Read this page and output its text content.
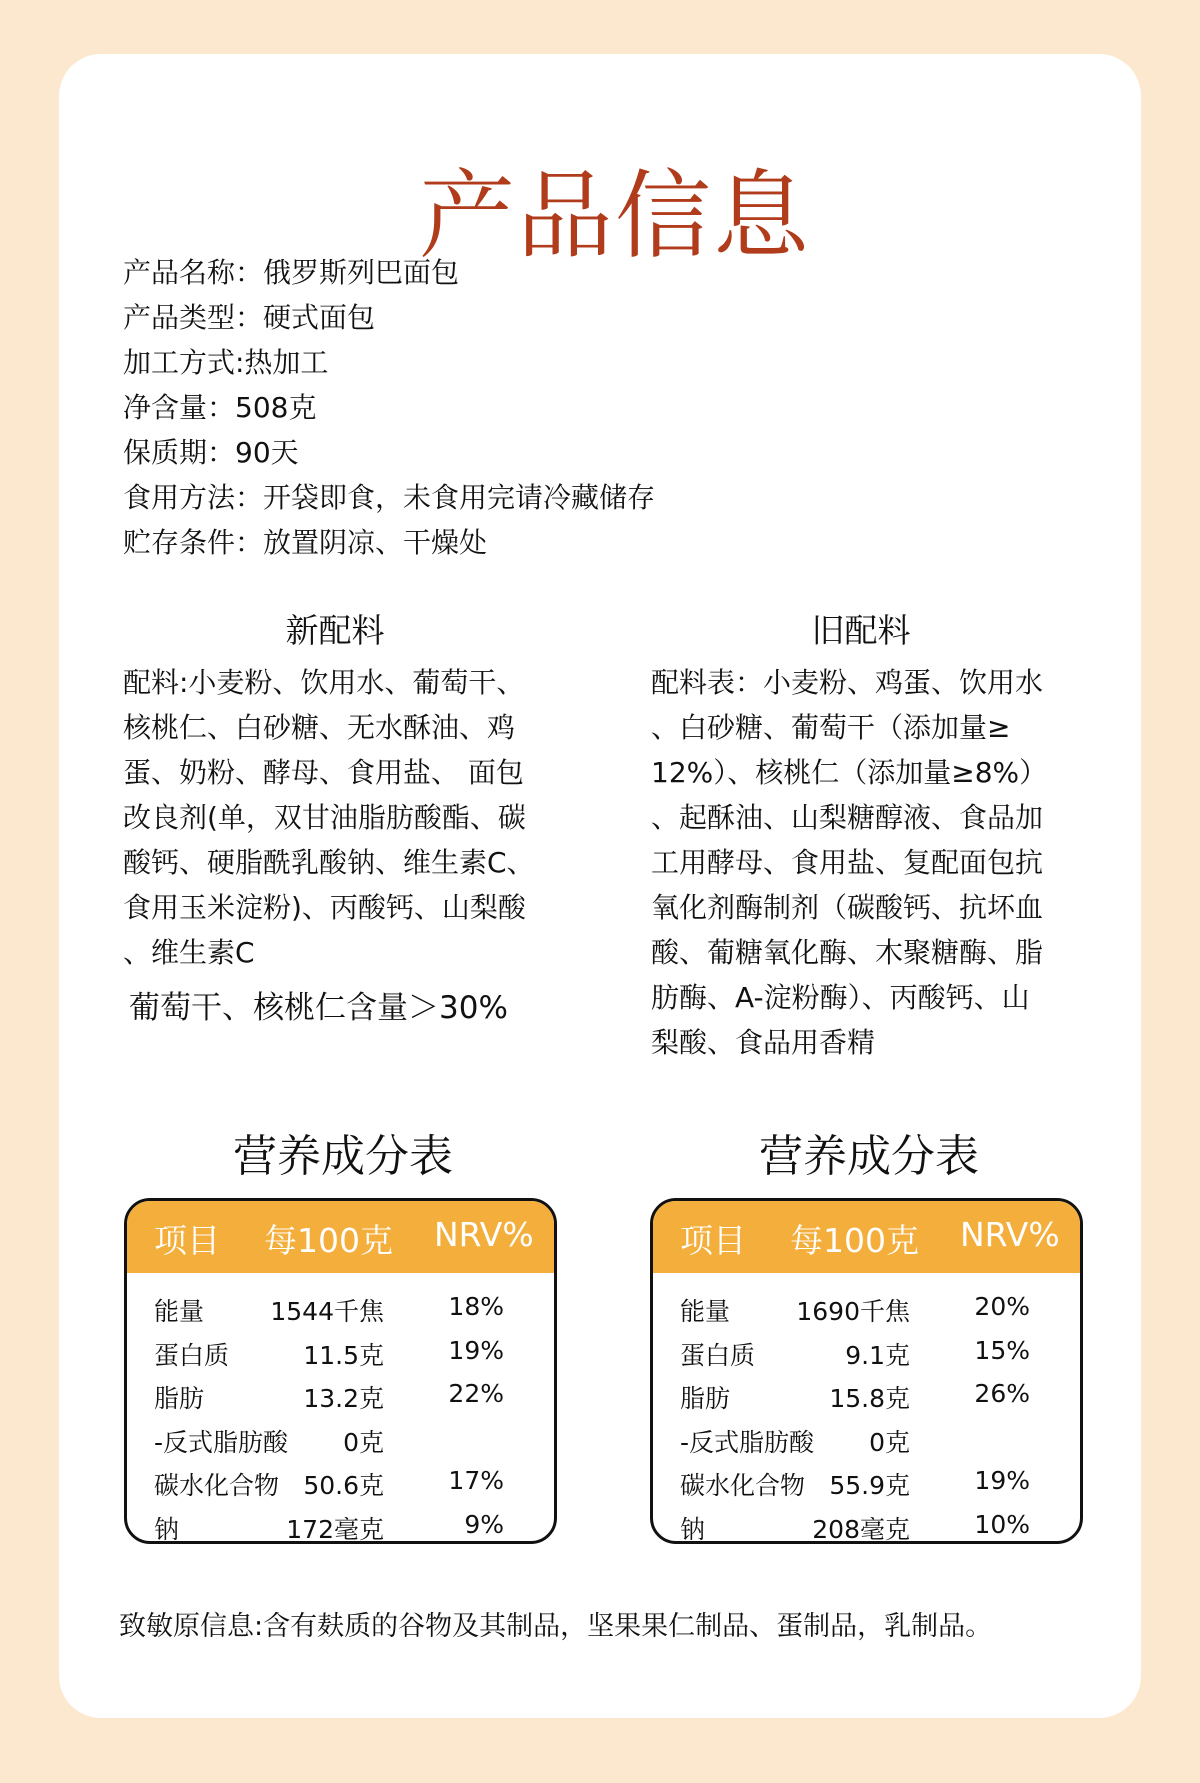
产品信息
产品名称：俄罗斯列巴面包
产品类型：硬式面包
加工方式:热加工
净含量：508克
保质期：90天
食用方法：开袋即食，未食用完请冷藏储存
贮存条件：放置阴凉、干燥处
新配料	旧配料
配料:小麦粉、饮用水、葡萄干、
核桃仁、白砂糖、无水酥油、鸡
蛋、奶粉、酵母、食用盐、 面包
改良剂(单，双甘油脂肪酸酯、碳
酸钙、硬脂酰乳酸钠、维生素C、
食用玉米淀粉)、丙酸钙、山梨酸
、维生素C
葡萄干、核桃仁含量＞30%
配料表：小麦粉、鸡蛋、饮用水
、白砂糖、葡萄干（添加量≥
12%）、核桃仁（添加量≥8%）
、起酥油、山梨糖醇液、食品加
工用酵母、食用盐、复配面包抗
氧化剂酶制剂（碳酸钙、抗坏血
酸、葡糖氧化酶、木聚糖酶、脂
肪酶、A-淀粉酶）、丙酸钙、山
梨酸、食品用香精
营养成分表	营养成分表
项目 每100克 NRV%
能量	1544千焦	18%
蛋白质	11.5克	19%
脂肪	13.2克	22%
-反式脂肪酸 0克
碳水化合物 50.6克	17%
钠	172毫克	9%
项目 每100克 NRV%
能量	1690千焦	20%
蛋白质	9.1克	15%
脂肪	15.8克	26%
-反式脂肪酸 0克
碳水化合物 55.9克	19%
钠	208毫克	10%
致敏原信息:含有麸质的谷物及其制品，坚果果仁制品、蛋制品，乳制品。
